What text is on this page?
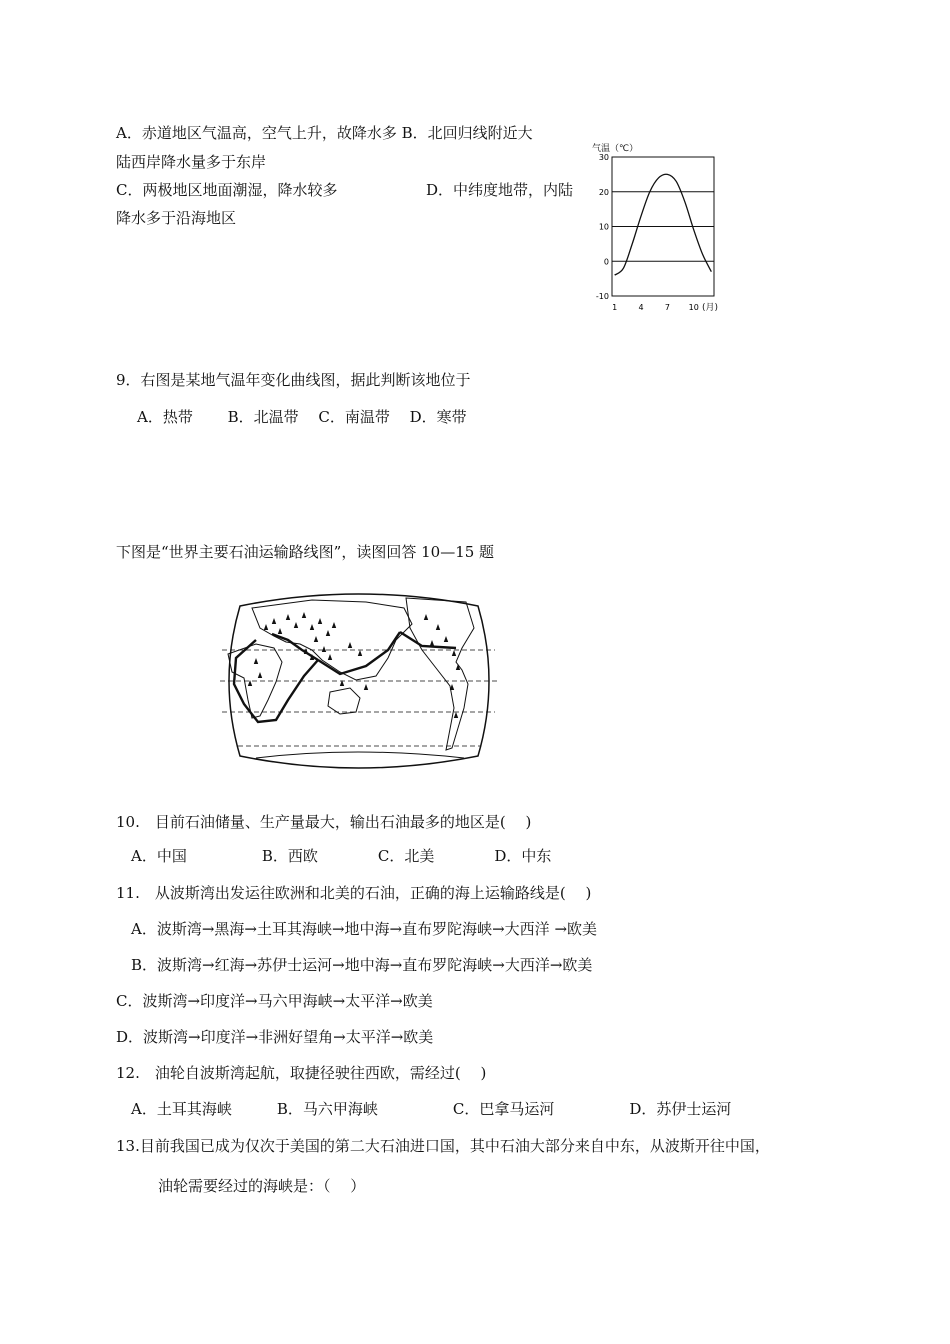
A．赤道地区气温高，空气上升，故降水多 B．北回归线附近大
陆西岸降水量多于东岸
C．两极地区地面潮湿，降水较多	D．中纬度地带，内陆
降水多于沿海地区
气温（℃）
30
20
10
0
-10
1	4	7 10 (月)
9．右图是某地气温年变化曲线图，据此判断该地位于
A．热带　　 B．北温带　 C．南温带　 D．寒带
下图是“世界主要石油运输路线图”，读图回答 10—15 题
10.　目前石油储量、生产量最大，输出石油最多的地区是(　 )
A．中国　　　　　B．西欧　　　　C．北美　　　　D．中东
11.　从波斯湾出发运往欧洲和北美的石油，正确的海上运输路线是(　 )
A．波斯湾→黑海→土耳其海峡→地中海→直布罗陀海峡→大西洋 →欧美
B．波斯湾→红海→苏伊士运河→地中海→直布罗陀海峡→大西洋→欧美
C．波斯湾→印度洋→马六甲海峡→太平洋→欧美
D．波斯湾→印度洋→非洲好望角→太平洋→欧美
12.　油轮自波斯湾起航，取捷径驶往西欧，需经过(　 )
A．土耳其海峡　　　B．马六甲海峡　　　　　C．巴拿马运河　　　　　D．苏伊士运河
13.目前我国已成为仅次于美国的第二大石油进口国，其中石油大部分来自中东，从波斯开往中国，
油轮需要经过的海峡是：（　 ）
